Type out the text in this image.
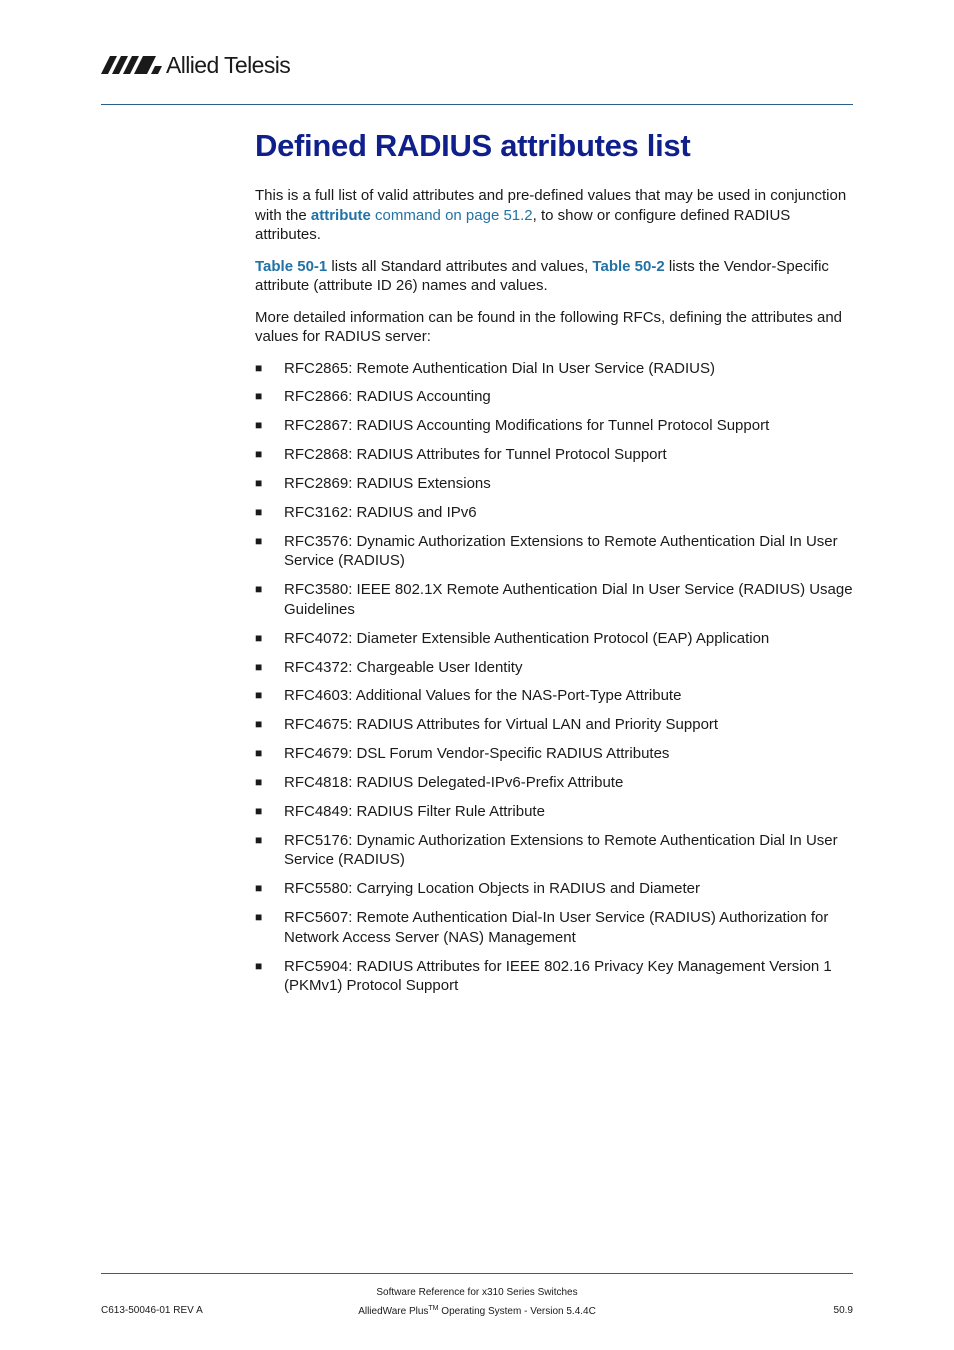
Allied Telesis
Defined RADIUS attributes list

This is a full list of valid attributes and pre-defined values that may be used in conjunction with the attribute command on page 51.2, to show or configure defined RADIUS attributes.

Table 50-1 lists all Standard attributes and values, Table 50-2 lists the Vendor-Specific attribute (attribute ID 26) names and values.

More detailed information can be found in the following RFCs, defining the attributes and values for RADIUS server:

■ RFC2865: Remote Authentication Dial In User Service (RADIUS)
■ RFC2866: RADIUS Accounting
■ RFC2867: RADIUS Accounting Modifications for Tunnel Protocol Support
■ RFC2868: RADIUS Attributes for Tunnel Protocol Support
■ RFC2869: RADIUS Extensions
■ RFC3162: RADIUS and IPv6
■ RFC3576: Dynamic Authorization Extensions to Remote Authentication Dial In User Service (RADIUS)
■ RFC3580: IEEE 802.1X Remote Authentication Dial In User Service (RADIUS) Usage Guidelines
■ RFC4072: Diameter Extensible Authentication Protocol (EAP) Application
■ RFC4372: Chargeable User Identity
■ RFC4603: Additional Values for the NAS-Port-Type Attribute
■ RFC4675: RADIUS Attributes for Virtual LAN and Priority Support
■ RFC4679: DSL Forum Vendor-Specific RADIUS Attributes
■ RFC4818: RADIUS Delegated-IPv6-Prefix Attribute
■ RFC4849: RADIUS Filter Rule Attribute
■ RFC5176: Dynamic Authorization Extensions to Remote Authentication Dial In User Service (RADIUS)
■ RFC5580: Carrying Location Objects in RADIUS and Diameter
■ RFC5607: Remote Authentication Dial-In User Service (RADIUS) Authorization for Network Access Server (NAS) Management
■ RFC5904: RADIUS Attributes for IEEE 802.16 Privacy Key Management Version 1 (PKMv1) Protocol Support
Software Reference for x310 Series Switches
C613-50046-01 REV A	AlliedWare Plus™ Operating System - Version 5.4.4C	50.9
